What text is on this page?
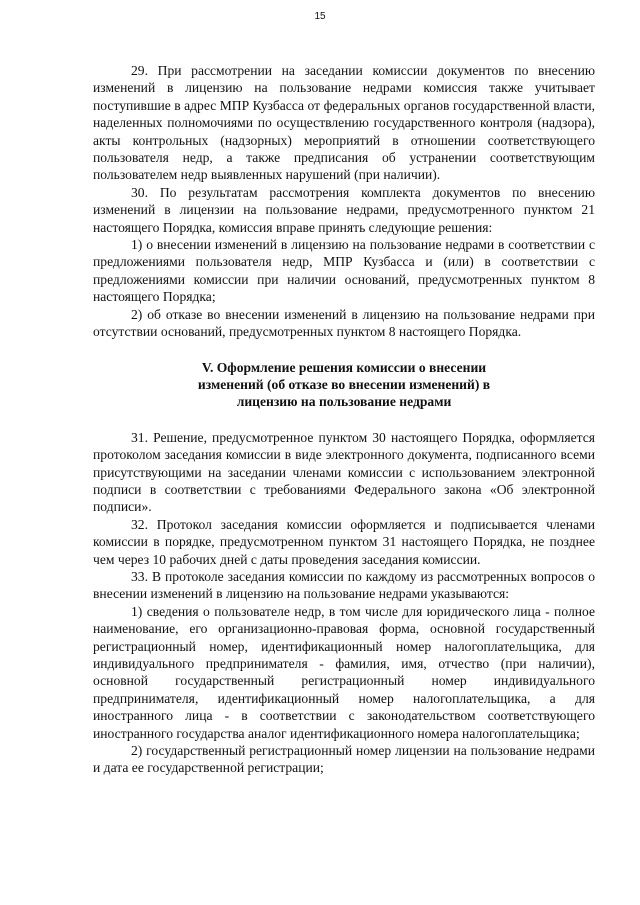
15

29. При рассмотрении на заседании комиссии документов по внесению изменений в лицензию на пользование недрами комиссия также учитывает поступившие в адрес МПР Кузбасса от федеральных органов государственной власти, наделенных полномочиями по осуществлению государственного контроля (надзора), акты контрольных (надзорных) мероприятий в отношении соответствующего пользователя недр, а также предписания об устранении соответствующим пользователем недр выявленных нарушений (при наличии).

30. По результатам рассмотрения комплекта документов по внесению изменений в лицензии на пользование недрами, предусмотренного пунктом 21 настоящего Порядка, комиссия вправе принять следующие решения:

1) о внесении изменений в лицензию на пользование недрами в соответствии с предложениями пользователя недр, МПР Кузбасса и (или) в соответствии с предложениями комиссии при наличии оснований, предусмотренных пунктом 8 настоящего Порядка;

2) об отказе во внесении изменений в лицензию на пользование недрами при отсутствии оснований, предусмотренных пунктом 8 настоящего Порядка.

V. Оформление решения комиссии о внесении
изменений (об отказе во внесении изменений) в
лицензию на пользование недрами

31. Решение, предусмотренное пунктом 30 настоящего Порядка, оформляется протоколом заседания комиссии в виде электронного документа, подписанного всеми присутствующими на заседании членами комиссии с использованием электронной подписи в соответствии с требованиями Федерального закона «Об электронной подписи».

32. Протокол заседания комиссии оформляется и подписывается членами комиссии в порядке, предусмотренном пунктом 31 настоящего Порядка, не позднее чем через 10 рабочих дней с даты проведения заседания комиссии.

33. В протоколе заседания комиссии по каждому из рассмотренных вопросов о внесении изменений в лицензию на пользование недрами указываются:

1) сведения о пользователе недр, в том числе для юридического лица - полное наименование, его организационно-правовая форма, основной государственный регистрационный номер, идентификационный номер налогоплательщика, для индивидуального предпринимателя - фамилия, имя, отчество (при наличии), основной государственный регистрационный номер индивидуального предпринимателя, идентификационный номер налогоплательщика, а для иностранного лица - в соответствии с законодательством соответствующего иностранного государства аналог идентификационного номера налогоплательщика;

2) государственный регистрационный номер лицензии на пользование недрами и дата ее государственной регистрации;
